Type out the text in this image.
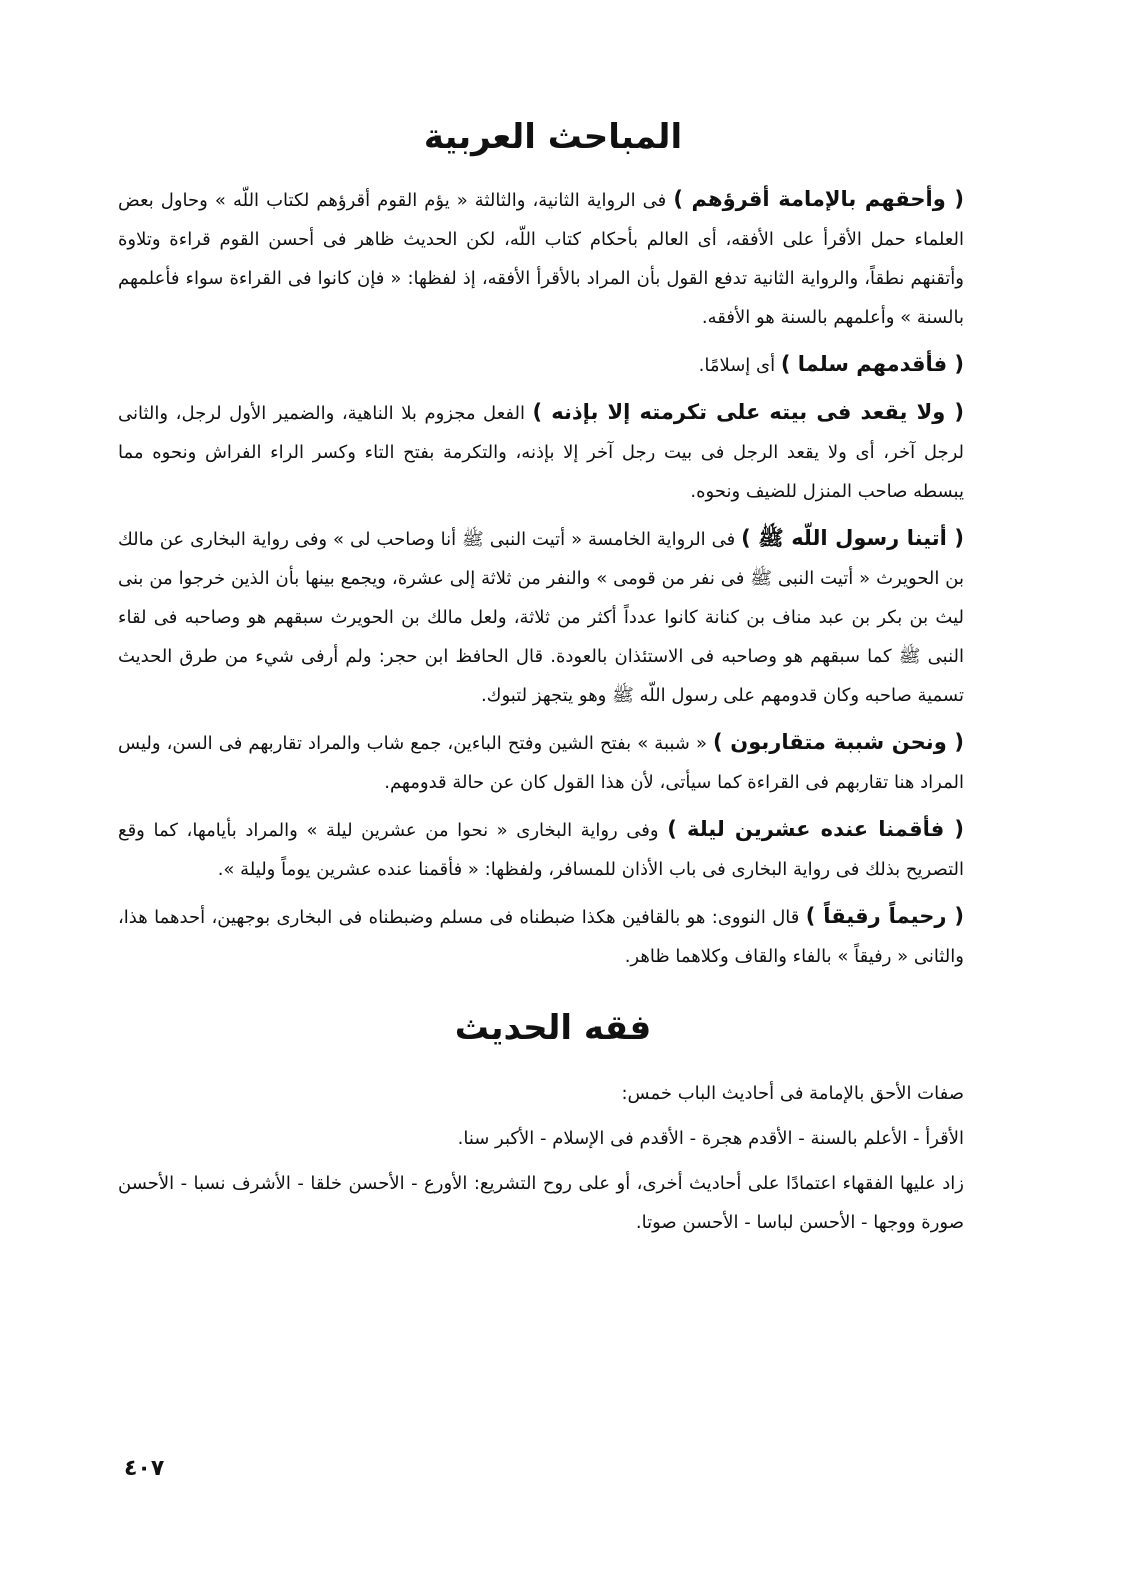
المباحث العربية

( وأحقهم بالإمامة أقرؤهم ) فى الرواية الثانية، والثالثة « يؤم القوم أقرؤهم لكتاب اللّه » وحاول بعض العلماء حمل الأقرأ على الأفقه، أى العالم بأحكام كتاب اللّه، لكن الحديث ظاهر فى أحسن القوم قراءة وتلاوة وأتقنهم نطقاً، والرواية الثانية تدفع القول بأن المراد بالأقرأ الأفقه، إذ لفظها: « فإن كانوا فى القراءة سواء فأعلمهم بالسنة » وأعلمهم بالسنة هو الأفقه.

( فأقدمهم سلما ) أى إسلامًا.

( ولا يقعد فى بيته على تكرمته إلا بإذنه ) الفعل مجزوم بلا الناهية، والضمير الأول لرجل، والثانى لرجل آخر، أى ولا يقعد الرجل فى بيت رجل آخر إلا بإذنه، والتكرمة بفتح التاء وكسر الراء الفراش ونحوه مما يبسطه صاحب المنزل للضيف ونحوه.

( أتينا رسول اللّه ﷺ ) فى الرواية الخامسة « أتيت النبى ﷺ أنا وصاحب لى » وفى رواية البخارى عن مالك بن الحويرث « أتيت النبى ﷺ فى نفر من قومى » والنفر من ثلاثة إلى عشرة، ويجمع بينها بأن الذين خرجوا من بنى ليث بن بكر بن عبد مناف بن كنانة كانوا عدداً أكثر من ثلاثة، ولعل مالك بن الحويرث سبقهم هو وصاحبه فى لقاء النبى ﷺ كما سبقهم هو وصاحبه فى الاستئذان بالعودة. قال الحافظ ابن حجر: ولم أرفى شيء من طرق الحديث تسمية صاحبه وكان قدومهم على رسول اللّه ﷺ وهو يتجهز لتبوك.

( ونحن شببة متقاربون ) « شببة » بفتح الشين وفتح الباءين، جمع شاب والمراد تقاربهم فى السن، وليس المراد هنا تقاربهم فى القراءة كما سيأتى، لأن هذا القول كان عن حالة قدومهم.

( فأقمنا عنده عشرين ليلة ) وفى رواية البخارى « نحوا من عشرين ليلة » والمراد بأيامها، كما وقع التصريح بذلك فى رواية البخارى فى باب الأذان للمسافر، ولفظها: « فأقمنا عنده عشرين يوماً وليلة ».

( رحيماً رقيقاً ) قال النووى: هو بالقافين هكذا ضبطناه فى مسلم وضبطناه فى البخارى بوجهين، أحدهما هذا، والثانى « رفيقاً » بالفاء والقاف وكلاهما ظاهر.

فقه الحديث

صفات الأحق بالإمامة فى أحاديث الباب خمس:

الأقرأ - الأعلم بالسنة - الأقدم هجرة - الأقدم فى الإسلام - الأكبر سنا.

زاد عليها الفقهاء اعتمادًا على أحاديث أخرى، أو على روح التشريع: الأورع - الأحسن خلقا - الأشرف نسبا - الأحسن صورة ووجها - الأحسن لباسا - الأحسن صوتا.

٤٠٧
